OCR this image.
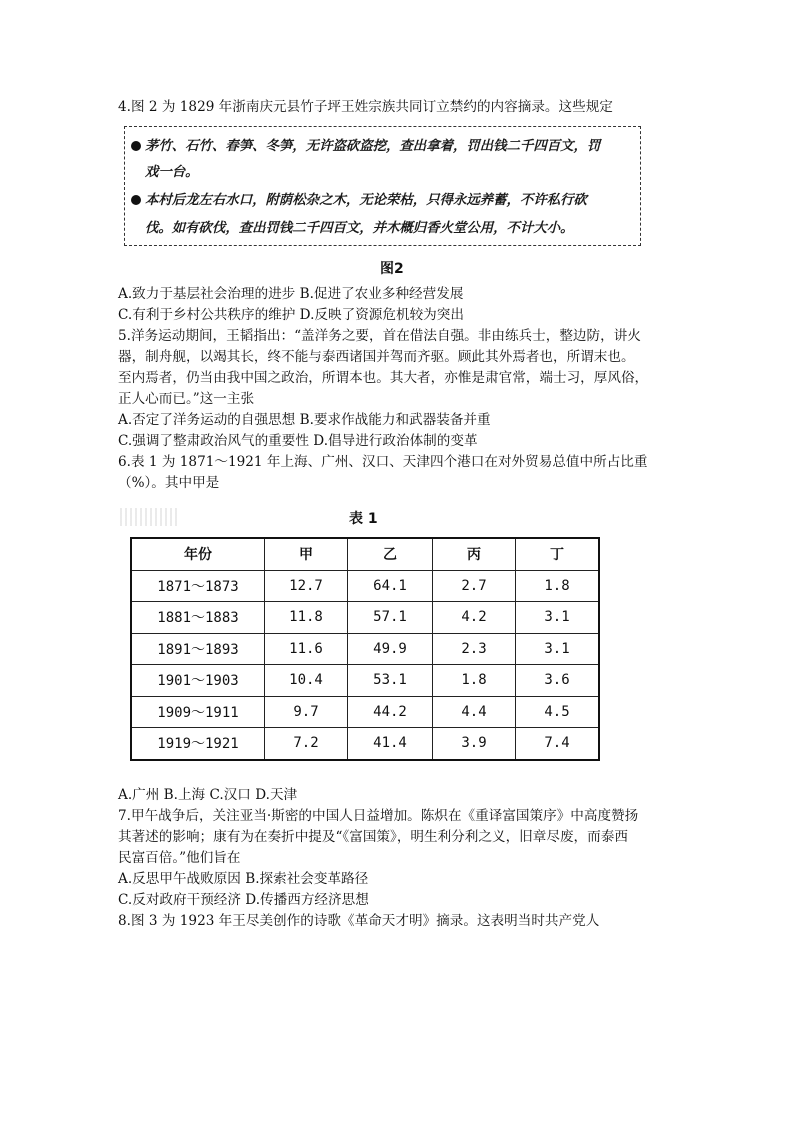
4.图 2 为 1829 年浙南庆元县竹子坪王姓宗族共同订立禁约的内容摘录。这些规定
茅竹、石竹、春笋、冬笋，无许盗砍盗挖，查出拿着，罚出钱二千四百文，罚
戏一台。
本村后龙左右水口，附荫松杂之木，无论荣枯，只得永远养蓄，不许私行砍
伐。如有砍伐，查出罚钱二千四百文，并木概归香火堂公用，不计大小。
图2
A.致力于基层社会治理的进步 B.促进了农业多种经营发展
C.有利于乡村公共秩序的维护 D.反映了资源危机较为突出
5.洋务运动期间，王韬指出：“盖洋务之要，首在借法自强。非由练兵士，整边防，讲火
器，制舟舰，以竭其长，终不能与泰西诸国并驾而齐驱。顾此其外焉者也，所谓末也。
至内焉者，仍当由我中国之政治，所谓本也。其大者，亦惟是肃官常，端士习，厚风俗，
正人心而已。”这一主张
A.否定了洋务运动的自强思想 B.要求作战能力和武器装备并重
C.强调了整肃政治风气的重要性 D.倡导进行政治体制的变革
6.表 1 为 1871～1921 年上海、广州、汉口、天津四个港口在对外贸易总值中所占比重
（%）。其中甲是
表 1
年份	甲	乙	丙	丁
1871～1873	12.7	64.1	2.7	1.8
1881～1883	11.8	57.1	4.2	3.1
1891～1893	11.6	49.9	2.3	3.1
1901～1903	10.4	53.1	1.8	3.6
1909～1911	9.7	44.2	4.4	4.5
1919～1921	7.2	41.4	3.9	7.4
A.广州 B.上海 C.汉口 D.天津
7.甲午战争后，关注亚当·斯密的中国人日益增加。陈炽在《重译富国策序》中高度赞扬
其著述的影响；康有为在奏折中提及“《富国策》，明生利分利之义，旧章尽废，而泰西
民富百倍。”他们旨在
A.反思甲午战败原因 B.探索社会变革路径
C.反对政府干预经济 D.传播西方经济思想
8.图 3 为 1923 年王尽美创作的诗歌《革命天才明》摘录。这表明当时共产党人
